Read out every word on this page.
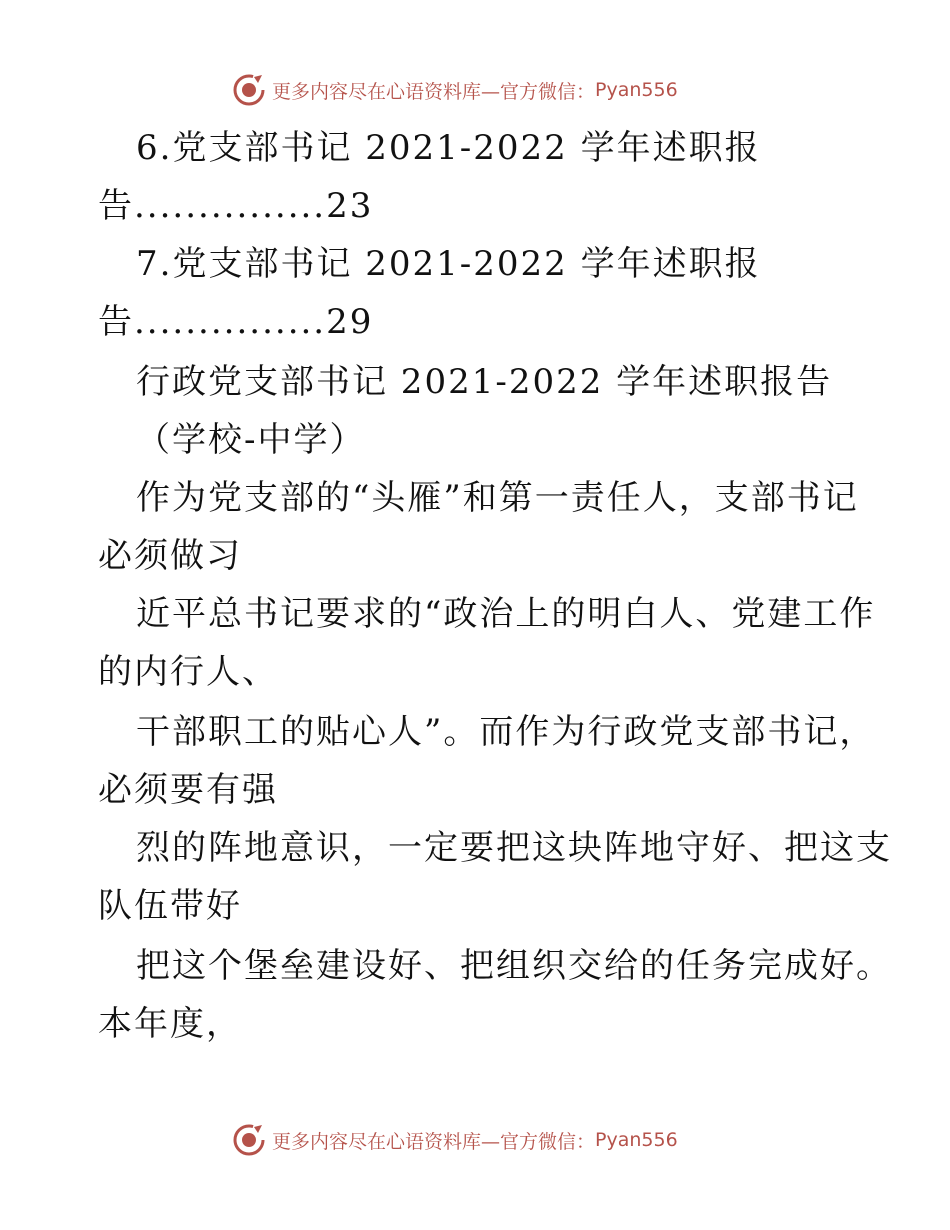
更多内容尽在心语资料库—官方微信： Pyan556
6.党支部书记 2021-2022 学年述职报
告...............23
7.党支部书记 2021-2022 学年述职报
告...............29
行政党支部书记 2021-2022 学年述职报告
（学校-中学）
作为党支部的“头雁”和第一责任人，支部书记
必须做习
近平总书记要求的“政治上的明白人、党建工作
的内行人、
干部职工的贴心人”。而作为行政党支部书记，
必须要有强
烈的阵地意识，一定要把这块阵地守好、把这支
队伍带好
把这个堡垒建设好、把组织交给的任务完成好。
本年度，
更多内容尽在心语资料库—官方微信： Pyan556
